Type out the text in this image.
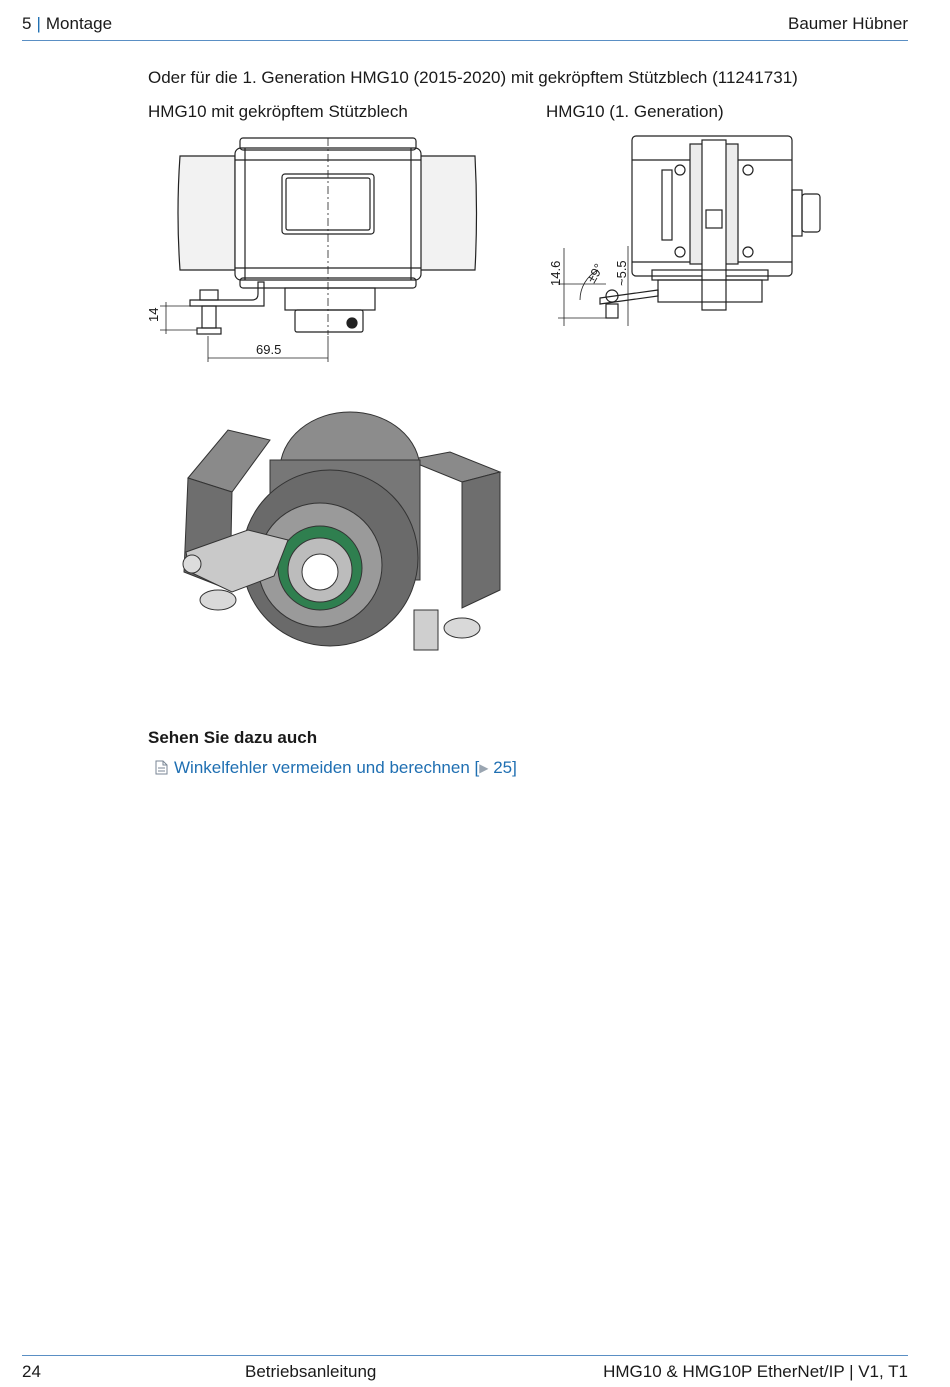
5 | Montage	Baumer Hübner
Oder für die 1. Generation HMG10 (2015-2020) mit gekröpftem Stützblech (11241731)
HMG10 mit gekröpftem Stützblech	HMG10 (1. Generation)
14
69.5
14.6 ±9° ~5.5
Sehen Sie dazu auch
Winkelfehler vermeiden und berechnen [▶ 25]
24	Betriebsanleitung	HMG10 & HMG10P EtherNet/IP | V1, T1
